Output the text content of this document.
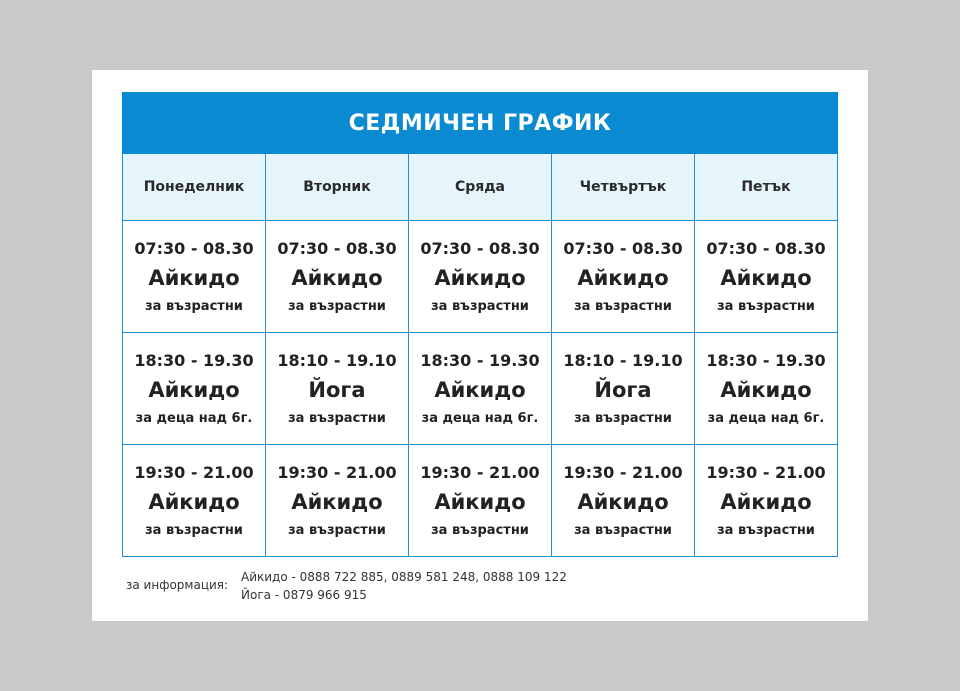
СЕДМИЧЕН ГРАФИК				
Понеделник	Вторник	Сряда	Четвъртък	Петък

07:30 - 08.30
Айкидо
за възрастни	07:30 - 08.30
Айкидо
за възрастни	07:30 - 08.30
Айкидо
за възрастни	07:30 - 08.30
Айкидо
за възрастни	07:30 - 08.30
Айкидо
за възрастни

18:30 - 19.30
Айкидо
за деца над 6г.	18:10 - 19.10
Йога
за възрастни	18:30 - 19.30
Айкидо
за деца над 6г.	18:10 - 19.10
Йога
за възрастни	18:30 - 19.30
Айкидо
за деца над 6г.

19:30 - 21.00
Айкидо
за възрастни	19:30 - 21.00
Айкидо
за възрастни	19:30 - 21.00
Айкидо
за възрастни	19:30 - 21.00
Айкидо
за възрастни	19:30 - 21.00
Айкидо
за възрастни
за информация:
Айкидо - 0888 722 885, 0889 581 248, 0888 109 122
Йога - 0879 966 915
